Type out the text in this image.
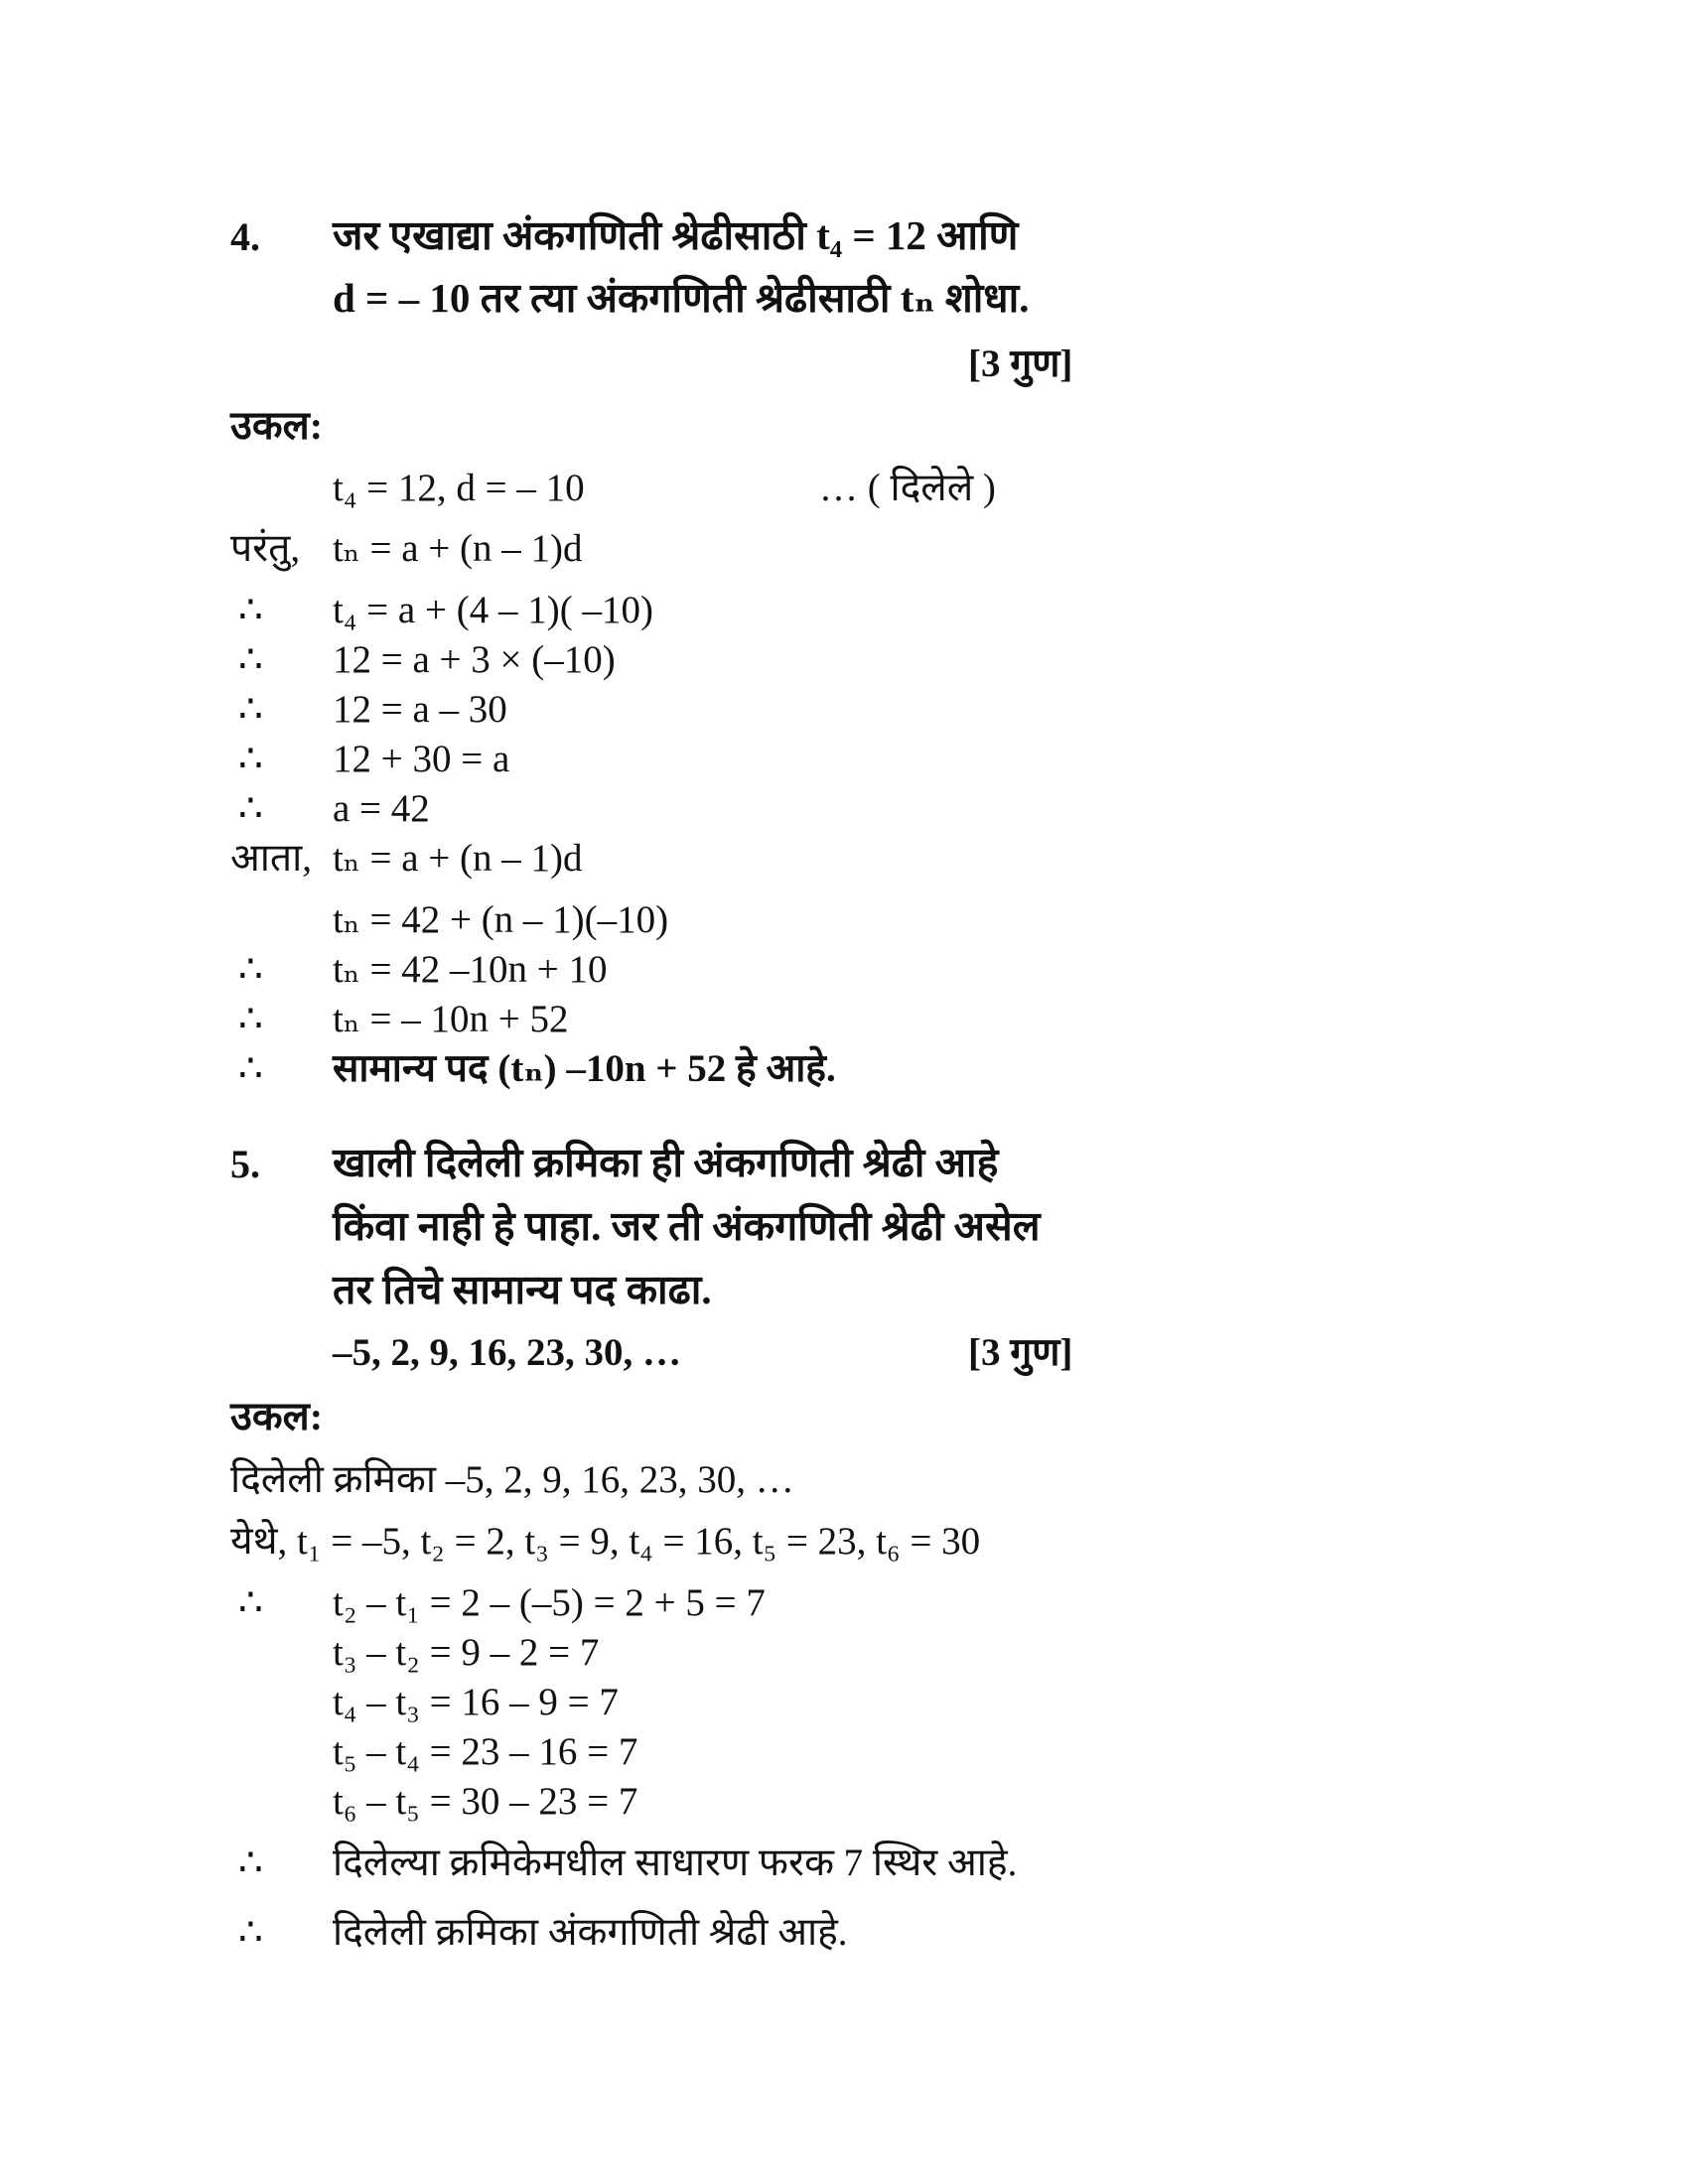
4. जर एखाद्या अंकगणिती श्रेढीसाठी t₄ = 12 आणि
d = – 10 तर त्या अंकगणिती श्रेढीसाठी tₙ शोधा.
[3 गुण]
उकल:
t₄ = 12, d = – 10	… ( दिलेले )
परंतु, tₙ = a + (n – 1)d
∴ t₄ = a + (4 – 1)( –10)
∴ 12 = a + 3 × (–10)
∴ 12 = a – 30
∴ 12 + 30 = a
∴ a = 42
आता, tₙ = a + (n – 1)d
tₙ = 42 + (n – 1)(–10)
∴ tₙ = 42 –10n + 10
∴ tₙ = – 10n + 52
∴ सामान्य पद (tₙ) –10n + 52 हे आहे.
5. खाली दिलेली क्रमिका ही अंकगणिती श्रेढी आहे
किंवा नाही हे पाहा. जर ती अंकगणिती श्रेढी असेल
तर तिचे सामान्य पद काढा.
–5, 2, 9, 16, 23, 30, …	[3 गुण]
उकल:
दिलेली क्रमिका –5, 2, 9, 16, 23, 30, …
येथे, t₁ = –5, t₂ = 2, t₃ = 9, t₄ = 16, t₅ = 23, t₆ = 30
∴ t₂ – t₁ = 2 – (–5) = 2 + 5 = 7
t₃ – t₂ = 9 – 2 = 7
t₄ – t₃ = 16 – 9 = 7
t₅ – t₄ = 23 – 16 = 7
t₆ – t₅ = 30 – 23 = 7
∴ दिलेल्या क्रमिकेमधील साधारण फरक 7 स्थिर आहे.
∴ दिलेली क्रमिका अंकगणिती श्रेढी आहे.
